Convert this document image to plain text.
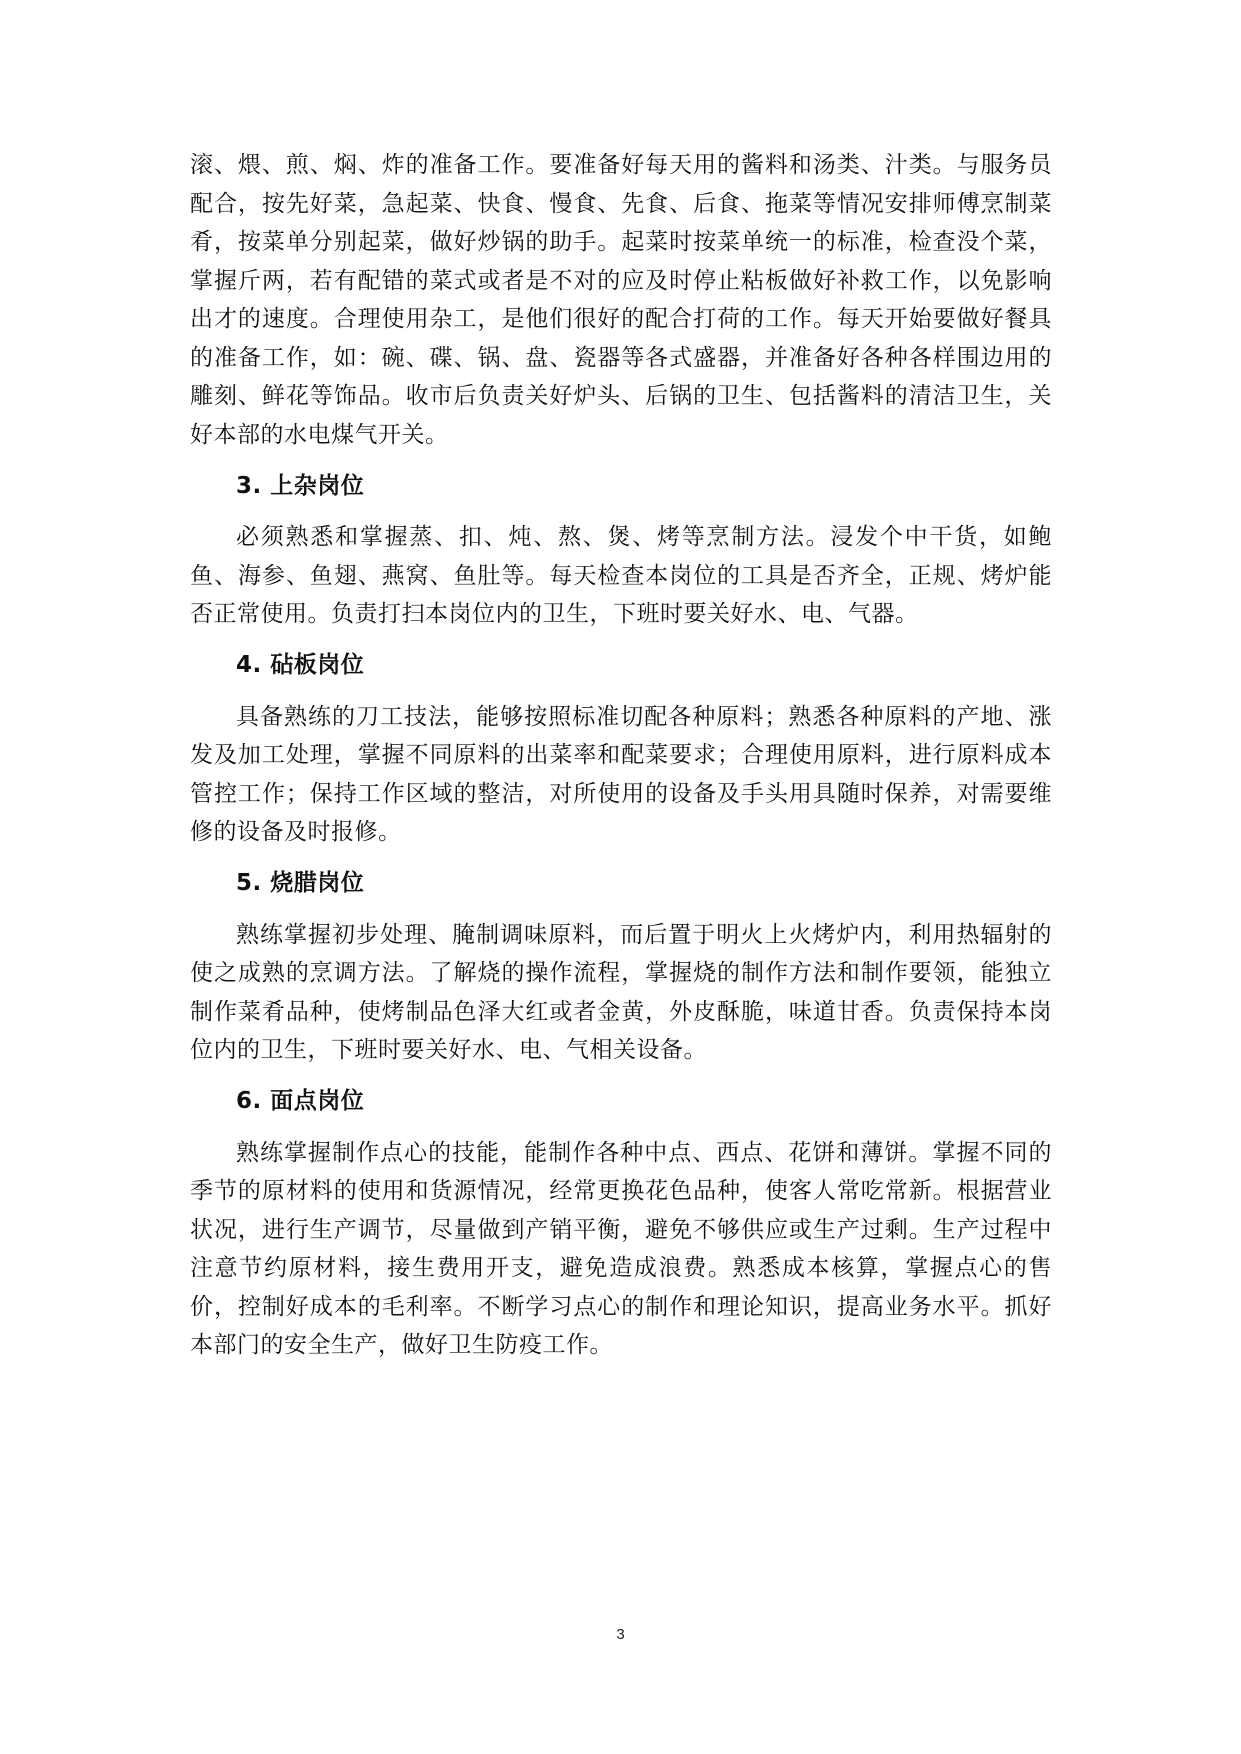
滚、煨、煎、焖、炸的准备工作。要准备好每天用的酱料和汤类、汁类。与服务员配合，按先好菜，急起菜、快食、慢食、先食、后食、拖菜等情况安排师傅烹制菜肴，按菜单分别起菜，做好炒锅的助手。起菜时按菜单统一的标准，检查没个菜，掌握斤两，若有配错的菜式或者是不对的应及时停止粘板做好补救工作，以免影响出才的速度。合理使用杂工，是他们很好的配合打荷的工作。每天开始要做好餐具的准备工作，如：碗、碟、锅、盘、瓷器等各式盛器，并准备好各种各样围边用的雕刻、鲜花等饰品。收市后负责关好炉头、后锅的卫生、包括酱料的清洁卫生，关好本部的水电煤气开关。

3. 上杂岗位

必须熟悉和掌握蒸、扣、炖、熬、煲、烤等烹制方法。浸发个中干货，如鲍鱼、海参、鱼翅、燕窝、鱼肚等。每天检查本岗位的工具是否齐全，正规、烤炉能否正常使用。负责打扫本岗位内的卫生，下班时要关好水、电、气器。

4. 砧板岗位

具备熟练的刀工技法，能够按照标准切配各种原料；熟悉各种原料的产地、涨发及加工处理，掌握不同原料的出菜率和配菜要求；合理使用原料，进行原料成本管控工作；保持工作区域的整洁，对所使用的设备及手头用具随时保养，对需要维修的设备及时报修。

5. 烧腊岗位

熟练掌握初步处理、腌制调味原料，而后置于明火上火烤炉内，利用热辐射的使之成熟的烹调方法。了解烧的操作流程，掌握烧的制作方法和制作要领，能独立制作菜肴品种，使烤制品色泽大红或者金黄，外皮酥脆，味道甘香。负责保持本岗位内的卫生，下班时要关好水、电、气相关设备。

6. 面点岗位

熟练掌握制作点心的技能，能制作各种中点、西点、花饼和薄饼。掌握不同的季节的原材料的使用和货源情况，经常更换花色品种，使客人常吃常新。根据营业状况，进行生产调节，尽量做到产销平衡，避免不够供应或生产过剩。生产过程中注意节约原材料，接生费用开支，避免造成浪费。熟悉成本核算，掌握点心的售价，控制好成本的毛利率。不断学习点心的制作和理论知识，提高业务水平。抓好本部门的安全生产，做好卫生防疫工作。

3
